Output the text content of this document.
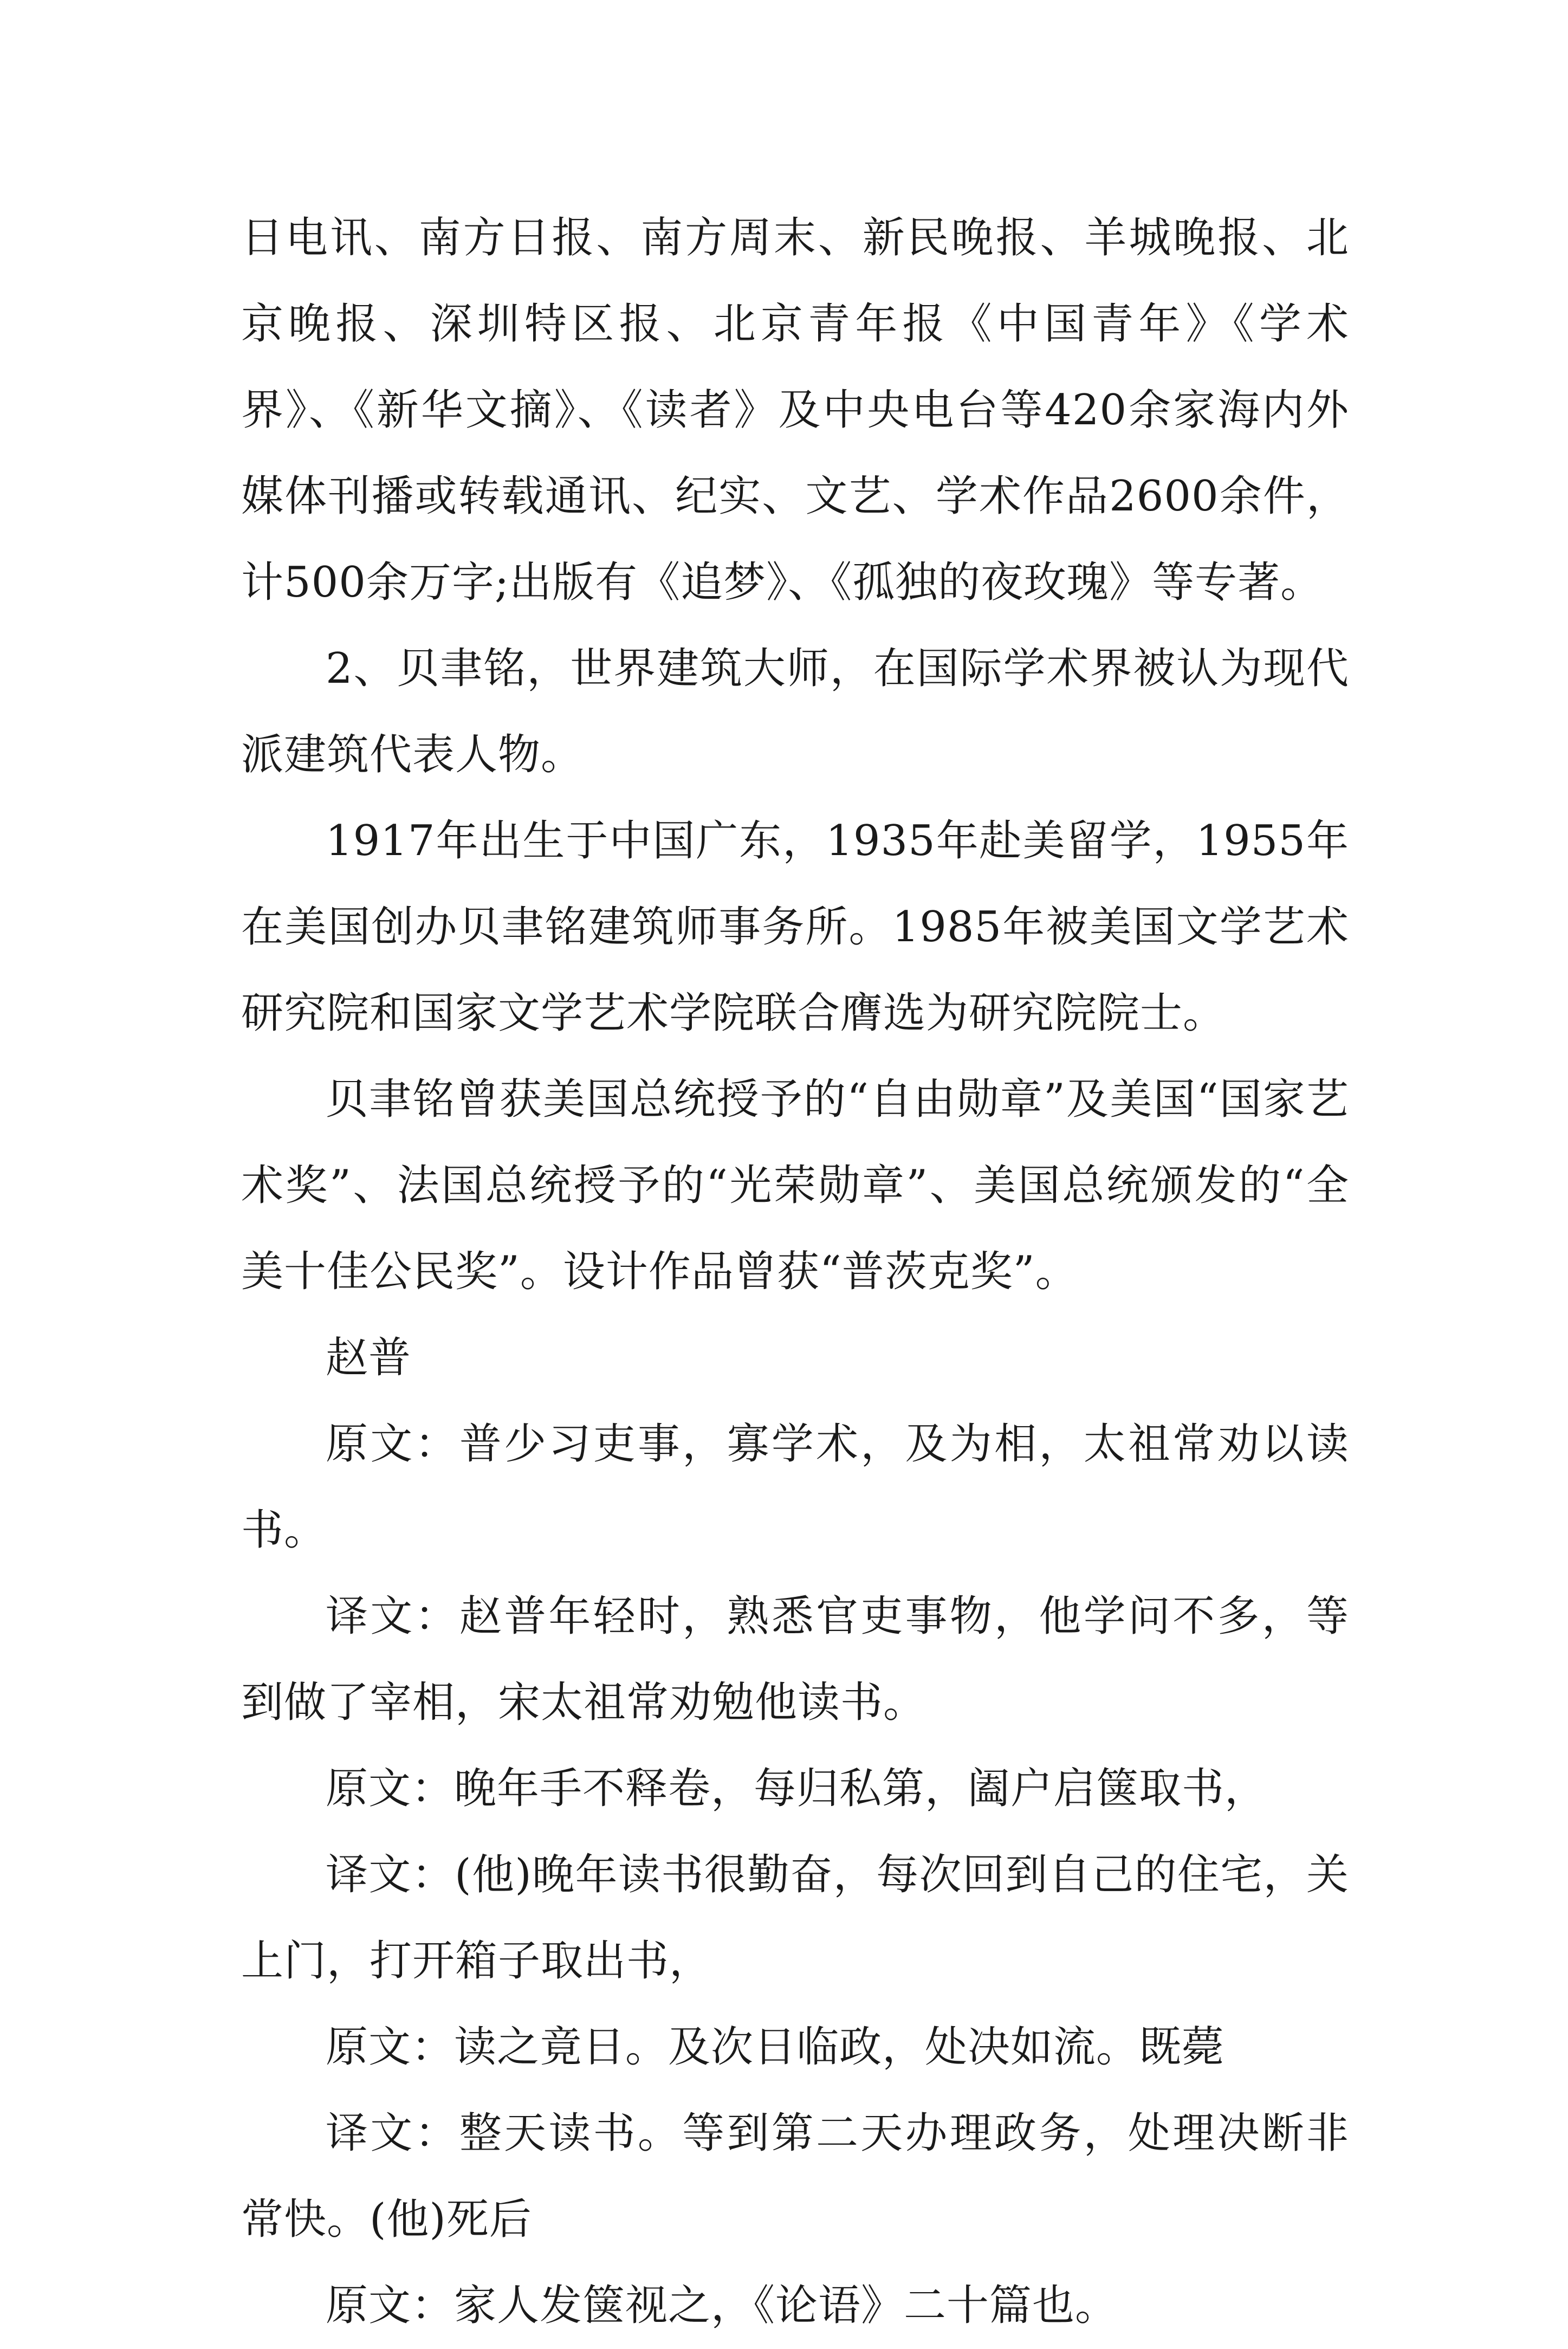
日电讯、南方日报、南方周末、新民晚报、羊城晚报、北京晚报、深圳特区报、北京青年报《中国青年》《学术界》、《新华文摘》、《读者》及中央电台等420余家海内外媒体刊播或转载通讯、纪实、文艺、学术作品2600余件，计500余万字;出版有《追梦》、《孤独的夜玫瑰》等专著。

2、贝聿铭，世界建筑大师，在国际学术界被认为现代派建筑代表人物。

1917年出生于中国广东，1935年赴美留学，1955年在美国创办贝聿铭建筑师事务所。1985年被美国文学艺术研究院和国家文学艺术学院联合膺选为研究院院士。

贝聿铭曾获美国总统授予的“自由勋章”及美国“国家艺术奖”、法国总统授予的“光荣勋章”、美国总统颁发的“全美十佳公民奖”。设计作品曾获“普茨克奖”。

赵普

原文：普少习吏事，寡学术，及为相，太祖常劝以读书。

译文：赵普年轻时，熟悉官吏事物，他学问不多，等到做了宰相，宋太祖常劝勉他读书。

原文：晚年手不释卷，每归私第，阖户启箧取书，

译文：(他)晚年读书很勤奋，每次回到自己的住宅，关上门，打开箱子取出书，

原文：读之竟日。及次日临政，处决如流。既薨

译文：整天读书。等到第二天办理政务，处理决断非常快。(他)死后

原文：家人发箧视之，《论语》二十篇也。
